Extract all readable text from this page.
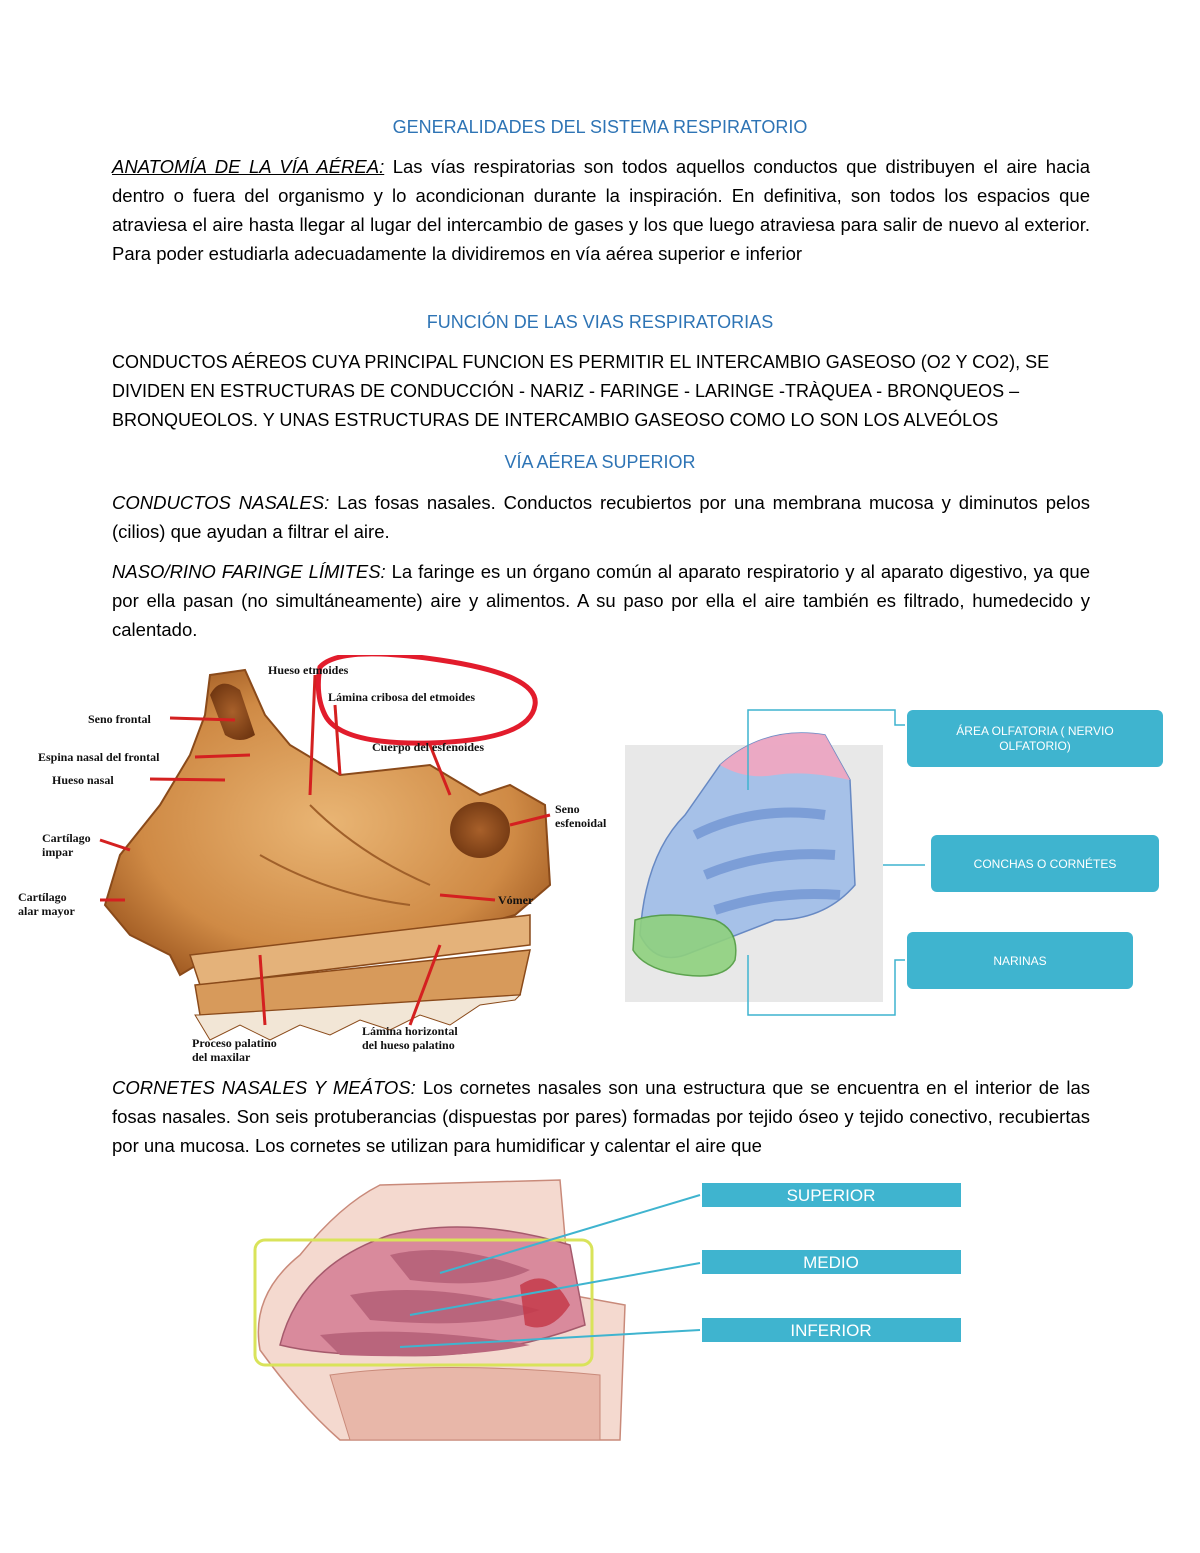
GENERALIDADES DEL SISTEMA RESPIRATORIO

ANATOMÍA DE LA VÍA AÉREA: Las vías respiratorias son todos aquellos conductos que distribuyen el aire hacia dentro o fuera del organismo y lo acondicionan durante la inspiración. En definitiva, son todos los espacios que atraviesa el aire hasta llegar al lugar del intercambio de gases y los que luego atraviesa para salir de nuevo al exterior. Para poder estudiarla adecuadamente la dividiremos en vía aérea superior e inferior

FUNCIÓN DE LAS VIAS RESPIRATORIAS

CONDUCTOS AÉREOS CUYA PRINCIPAL FUNCION ES PERMITIR EL INTERCAMBIO GASEOSO (O2 Y CO2), SE DIVIDEN EN ESTRUCTURAS DE CONDUCCIÓN - NARIZ - FARINGE - LARINGE -TRÀQUEA - BRONQUEOS – BRONQUEOLOS. Y UNAS ESTRUCTURAS DE INTERCAMBIO GASEOSO COMO LO SON LOS ALVEÓLOS

VÍA AÉREA SUPERIOR

CONDUCTOS NASALES: Las fosas nasales. Conductos recubiertos por una membrana mucosa y diminutos pelos (cilios) que ayudan a filtrar el aire.

NASO/RINO FARINGE LÍMITES: La faringe es un órgano común al aparato respiratorio y al aparato digestivo, ya que por ella pasan (no simultáneamente) aire y alimentos. A su paso por ella el aire también es filtrado, humedecido y calentado.

Hueso etmoides
Lámina cribosa del etmoides
Cuerpo del esfenoides
Seno frontal
Espina nasal del frontal
Hueso nasal
Cartílago
impar
Cartílago
alar mayor
Seno
esfenoidal
Vómer
Proceso palatino
del maxilar
Lámina horizontal
del hueso palatino
ÁREA OLFATORIA ( NERVIO
OLFATORIO)
CONCHAS O CORNÉTES
NARINAS

CORNETES NASALES Y MEÁTOS: Los cornetes nasales son una estructura que se encuentra en el interior de las fosas nasales. Son seis protuberancias (dispuestas por pares) formadas por tejido óseo y tejido conectivo, recubiertas por una mucosa. Los cornetes se utilizan para humidificar y calentar el aire que

SUPERIOR
MEDIO
INFERIOR
